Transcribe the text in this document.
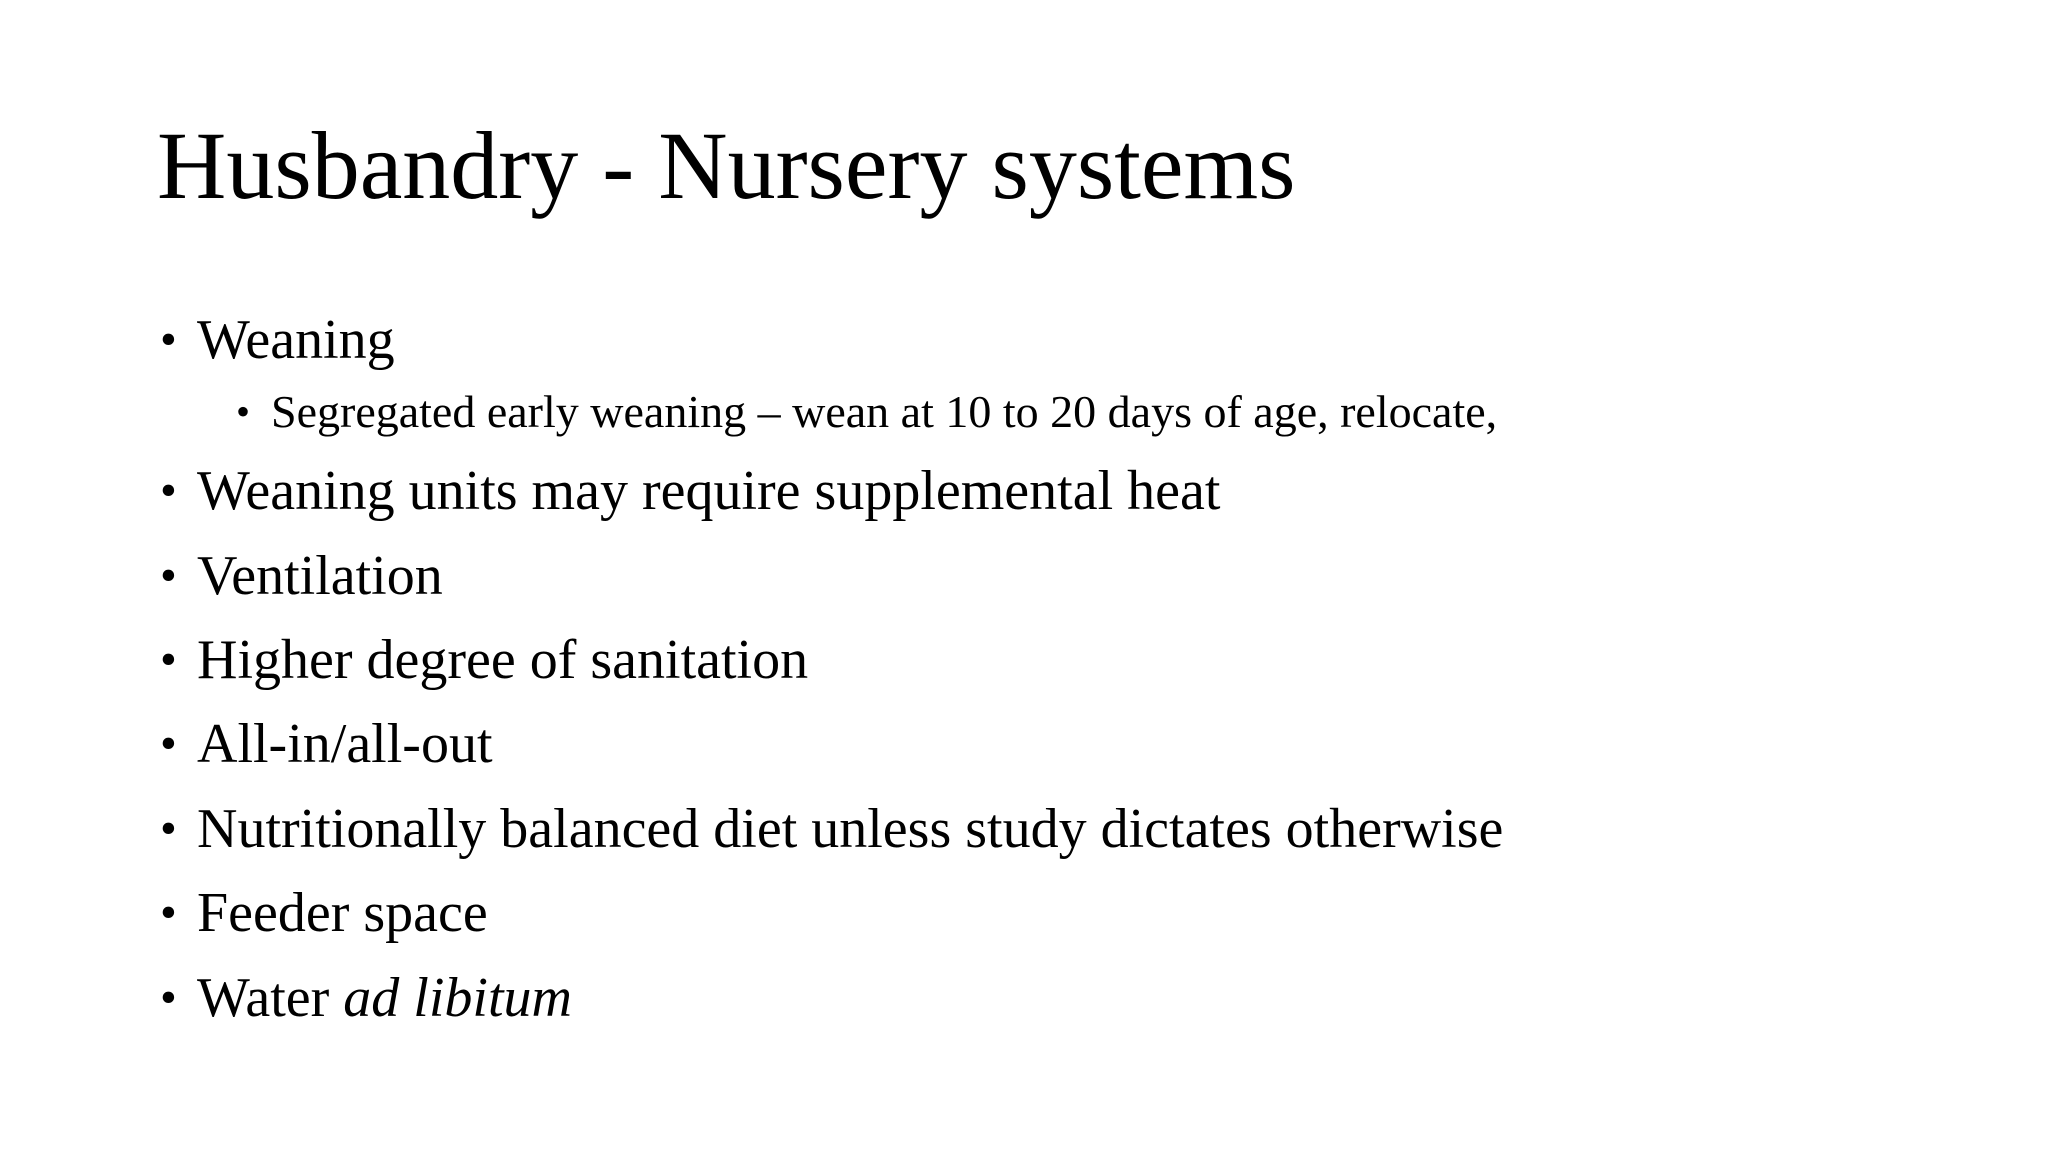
Husbandry - Nursery systems
• Weaning
• Segregated early weaning – wean at 10 to 20 days of age, relocate,
• Weaning units may require supplemental heat
• Ventilation
• Higher degree of sanitation
• All-in/all-out
• Nutritionally balanced diet unless study dictates otherwise
• Feeder space
• Water ad libitum
